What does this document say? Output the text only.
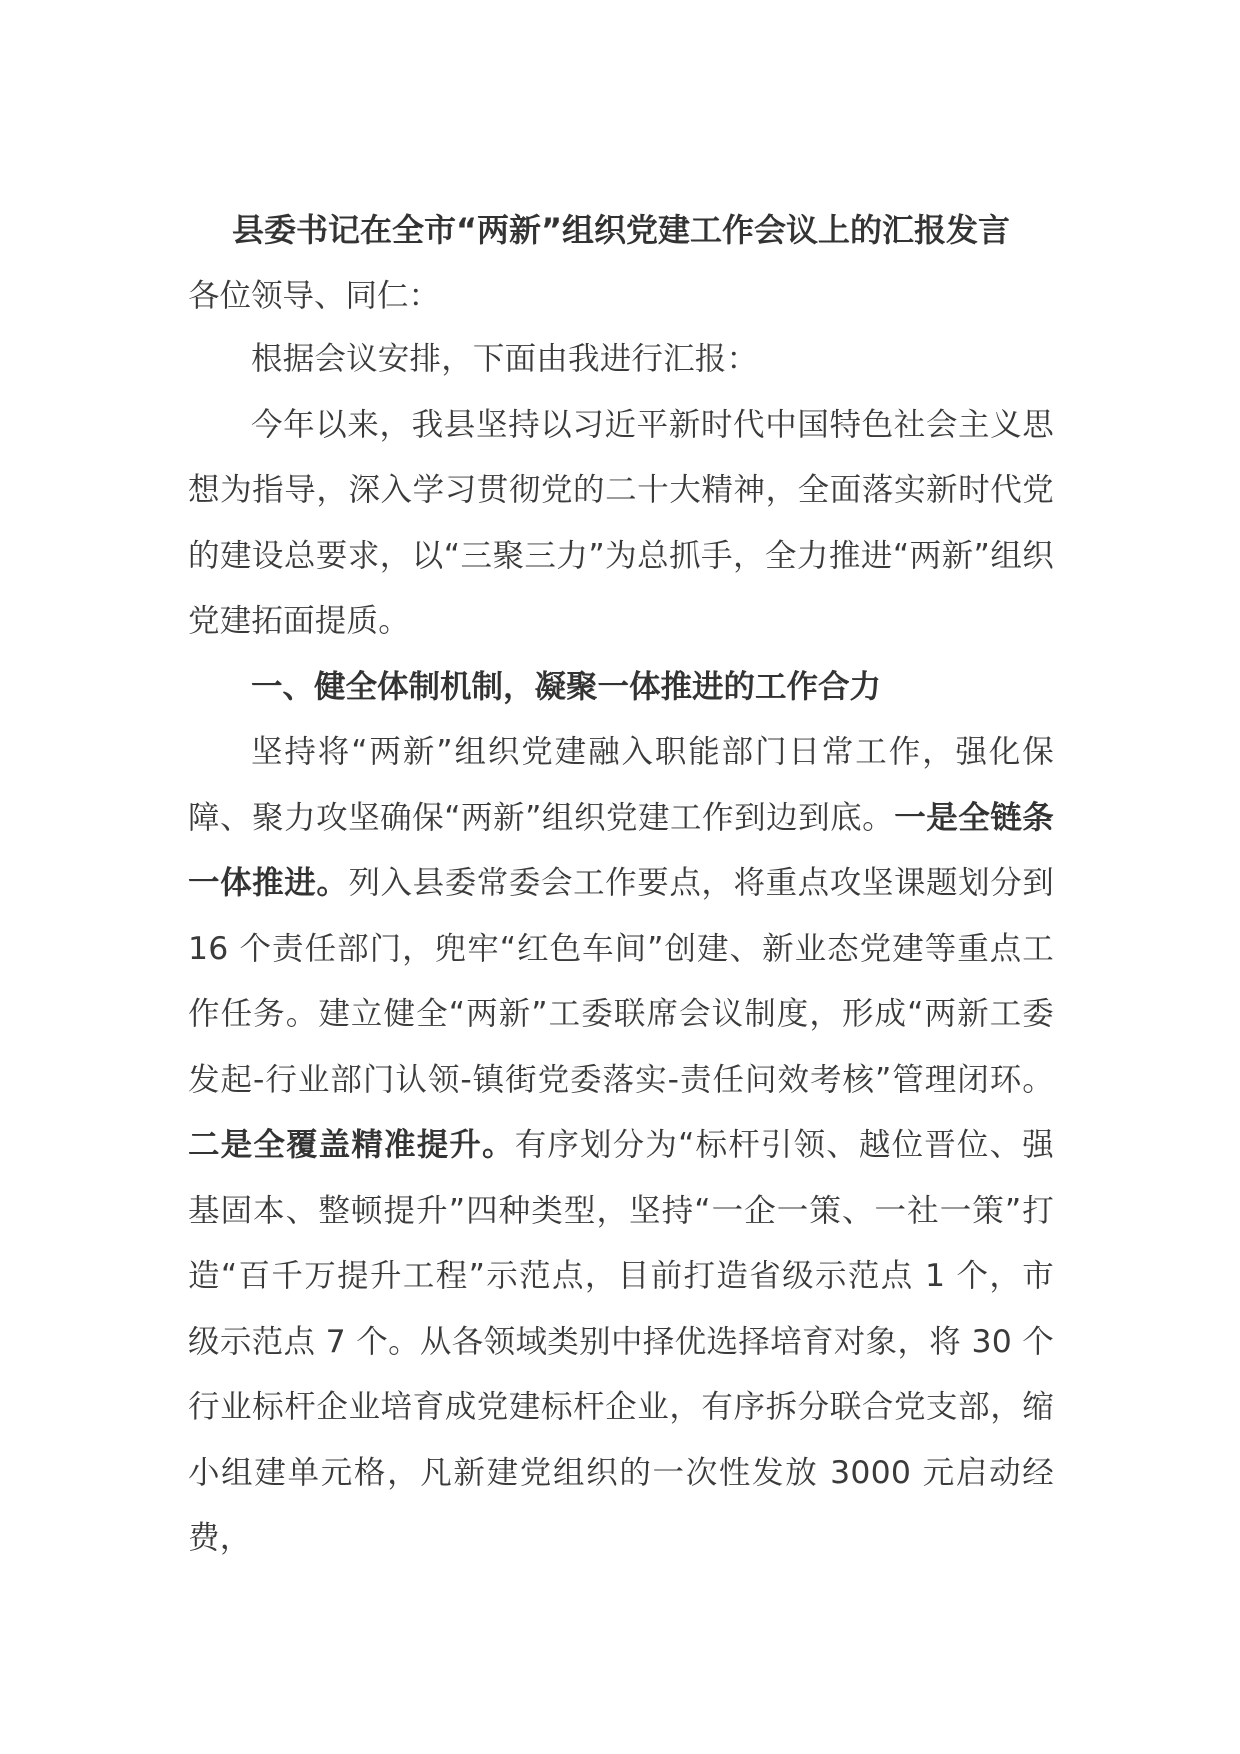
县委书记在全市“两新”组织党建工作会议上的汇报发言

各位领导、同仁：

根据会议安排，下面由我进行汇报：

今年以来，我县坚持以习近平新时代中国特色社会主义思想为指导，深入学习贯彻党的二十大精神，全面落实新时代党的建设总要求，以“三聚三力”为总抓手，全力推进“两新”组织党建拓面提质。

一、健全体制机制，凝聚一体推进的工作合力

坚持将“两新”组织党建融入职能部门日常工作，强化保障、聚力攻坚确保“两新”组织党建工作到边到底。一是全链条一体推进。列入县委常委会工作要点，将重点攻坚课题划分到 16 个责任部门，兜牢“红色车间”创建、新业态党建等重点工作任务。建立健全“两新”工委联席会议制度，形成“两新工委发起-行业部门认领-镇街党委落实-责任问效考核”管理闭环。二是全覆盖精准提升。有序划分为“标杆引领、越位晋位、强基固本、整顿提升”四种类型，坚持“一企一策、一社一策”打造“百千万提升工程”示范点，目前打造省级示范点 1 个，市级示范点 7 个。从各领域类别中择优选择培育对象，将 30 个行业标杆企业培育成党建标杆企业，有序拆分联合党支部，缩小组建单元格，凡新建党组织的一次性发放 3000 元启动经费，
